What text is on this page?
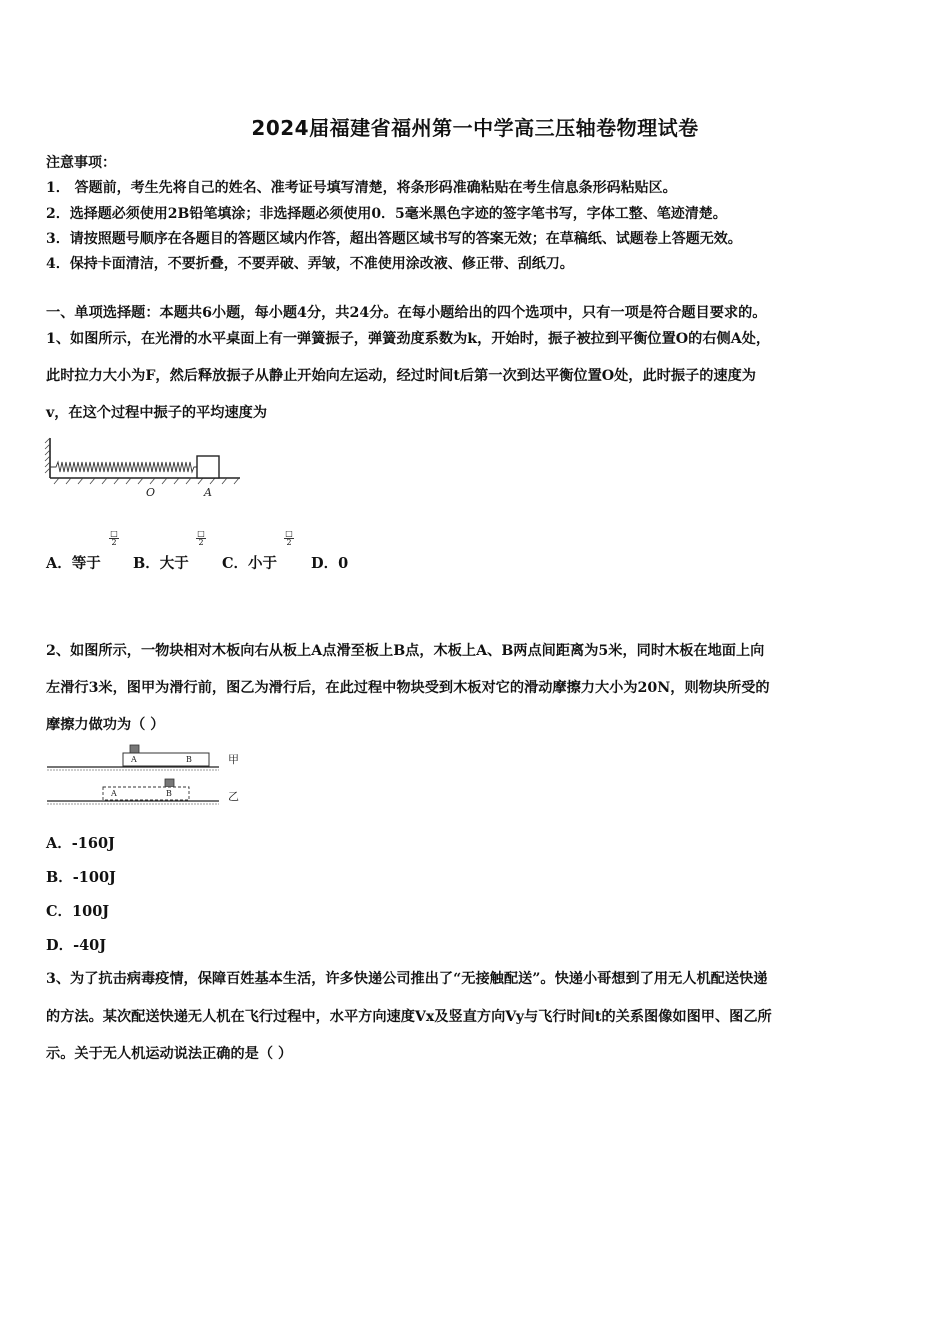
2024届福建省福州第一中学高三压轴卷物理试卷
注意事项：
1． 答题前，考生先将自己的姓名、准考证号填写清楚，将条形码准确粘贴在考生信息条形码粘贴区。
2．选择题必须使用2B铅笔填涂；非选择题必须使用0．5毫米黑色字迹的签字笔书写，字体工整、笔迹清楚。
3．请按照题号顺序在各题目的答题区域内作答，超出答题区域书写的答案无效；在草稿纸、试题卷上答题无效。
4．保持卡面清洁，不要折叠，不要弄破、弄皱，不准使用涂改液、修正带、刮纸刀。
一、单项选择题：本题共6小题，每小题4分，共24分。在每小题给出的四个选项中，只有一项是符合题目要求的。
1、如图所示，在光滑的水平桌面上有一弹簧振子，弹簧劲度系数为k，开始时，振子被拉到平衡位置O的右侧A处，
此时拉力大小为F，然后释放振子从静止开始向左运动，经过时间t后第一次到达平衡位置O处，此时振子的速度为
v，在这个过程中振子的平均速度为
O	A
A．等于
□
2
B．大于
□
2
C．小于
□
2
D．0
2、如图所示，一物块相对木板向右从板上A点滑至板上B点，木板上A、B两点间距离为5米，同时木板在地面上向
左滑行3米，图甲为滑行前，图乙为滑行后，在此过程中物块受到木板对它的滑动摩擦力大小为20N，则物块所受的
摩擦力做功为（ ）
A	B	甲
A	B	乙
A．-160J
B．-100J
C．100J
D．-40J
3、为了抗击病毒疫情，保障百姓基本生活，许多快递公司推出了“无接触配送”。快递小哥想到了用无人机配送快递
的方法。某次配送快递无人机在飞行过程中，水平方向速度Vx及竖直方向Vy与飞行时间t的关系图像如图甲、图乙所
示。关于无人机运动说法正确的是（ ）
